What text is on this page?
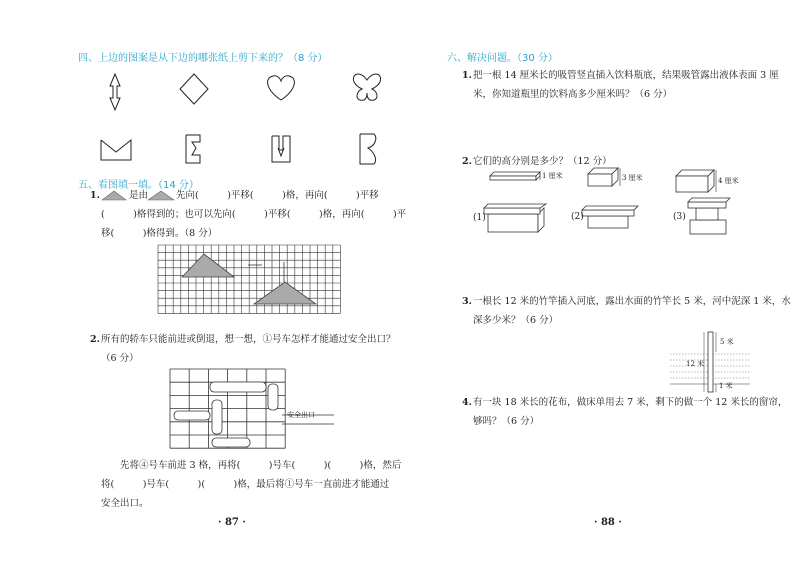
四、上边的图案是从下边的哪张纸上剪下来的？（8 分）
五、看图填一填。（14 分）
1.	是由	先向(　　　)平移(　　　)格，再向(　　　)平移
(　　　)格得到的；也可以先向(　　　)平移(　　　)格，再向(　　　)平
移(　　　)格得到。（8 分）
2. 所有的轿车只能前进或倒退，想一想，①号车怎样才能通过安全出口？
（6 分）
安全出口
先将④号车前进 3 格，再将(　　　)号车(　　　)(　　　)格，然后
将(　　　)号车(　　　)(　　　)格，最后将①号车一直前进才能通过
安全出口。
· 87 ·
六、解决问题。（30 分）
1. 把一根 14 厘米长的吸管竖直插入饮料瓶底，结果吸管露出液体表面 3 厘
米，你知道瓶里的饮料高多少厘米吗？（6 分）
2. 它们的高分别是多少？（12 分）
1 厘米	3 厘米	4 厘米
(1)	(2)	(3)
3. 一根长 12 米的竹竿插入河底，露出水面的竹竿长 5 米，河中泥深 1 米，水
深多少米？（6 分）
5 米
12 米
1 米
4. 有一块 18 米长的花布，做床单用去 7 米，剩下的做一个 12 米长的窗帘，
够吗？（6 分）
· 88 ·
